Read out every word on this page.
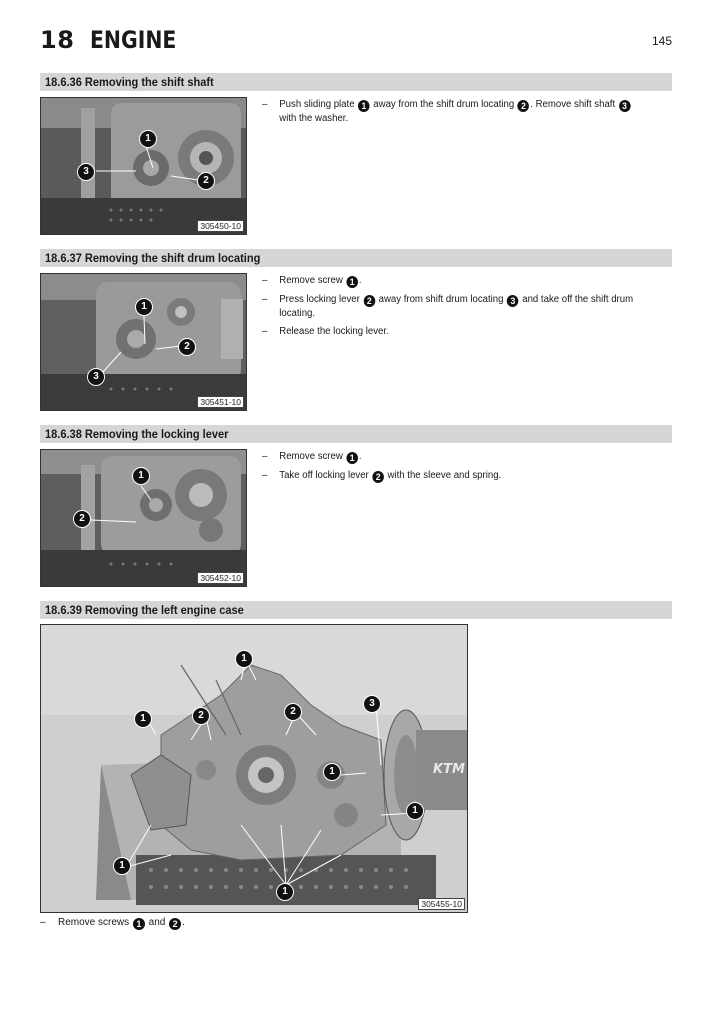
18 ENGINE	145
18.6.36 Removing the shift shaft
1
2
3
305450-10
– Push sliding plate 1 away from the shift drum locating 2 . Remove shift shaft 3 with the washer.
18.6.37 Removing the shift drum locating
1
2
3
305451-10
– Remove screw 1 .
– Press locking lever 2 away from shift drum locating 3 and take off the shift drum locating.
– Release the locking lever.
18.6.38 Removing the locking lever
1
2
305452-10
– Remove screw 1 .
– Take off locking lever 2 with the sleeve and spring.
18.6.39 Removing the left engine case
KTM
1
1	2	2
3
1
1
1
1
305455-10
– Remove screws 1 and 2 .
